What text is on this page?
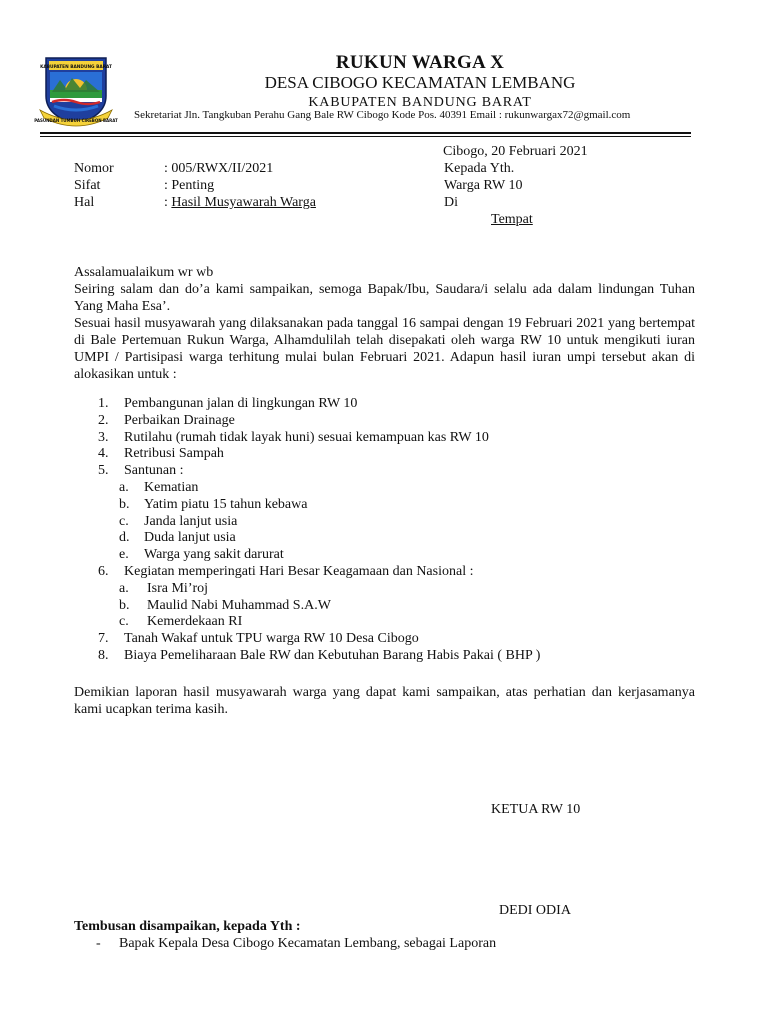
KABUPATEN BANDUNG BARAT
PASUNDAN TUMBUH CIREBON BARAT
RUKUN WARGA X
DESA CIBOGO KECAMATAN LEMBANG
KABUPATEN BANDUNG BARAT
Sekretariat Jln. Tangkuban Perahu Gang Bale RW Cibogo Kode Pos. 40391 Email : rukunwargax72@gmail.com
Cibogo, 20 Februari 2021
Nomor	: 005/RWX/II/2021
Sifat	: Penting
Hal	: Hasil Musyawarah Warga
Kepada Yth.
Warga RW 10
Di
Tempat
Assalamualaikum wr wb

Seiring salam dan do’a kami sampaikan, semoga Bapak/Ibu, Saudara/i selalu ada dalam lindungan Tuhan Yang Maha Esa’.

Sesuai hasil musyawarah yang dilaksanakan pada tanggal 16 sampai dengan 19 Februari 2021 yang bertempat di Bale Pertemuan Rukun Warga, Alhamdulilah telah disepakati oleh warga RW 10 untuk mengikuti iuran UMPI / Partisipasi warga terhitung mulai bulan Februari 2021. Adapun hasil iuran umpi tersebut akan di alokasikan untuk :

1. Pembangunan jalan di lingkungan RW 10
2. Perbaikan Drainage
3. Rutilahu (rumah tidak layak huni) sesuai kemampuan kas RW 10
4. Retribusi Sampah
5. Santunan :
a. Kematian
b. Yatim piatu 15 tahun kebawa
c. Janda lanjut usia
d. Duda lanjut usia
e. Warga yang sakit darurat
6. Kegiatan memperingati Hari Besar Keagamaan dan Nasional :
a. Isra Mi’roj
b. Maulid Nabi Muhammad S.A.W
c. Kemerdekaan RI
7. Tanah Wakaf untuk TPU warga RW 10 Desa Cibogo
8. Biaya Pemeliharaan Bale RW dan Kebutuhan Barang Habis Pakai ( BHP )

Demikian laporan hasil musyawarah warga yang dapat kami sampaikan, atas perhatian dan kerjasamanya kami ucapkan terima kasih.

KETUA RW 10
DEDI ODIA
Tembusan disampaikan, kepada Yth :
- Bapak Kepala Desa Cibogo Kecamatan Lembang, sebagai Laporan
